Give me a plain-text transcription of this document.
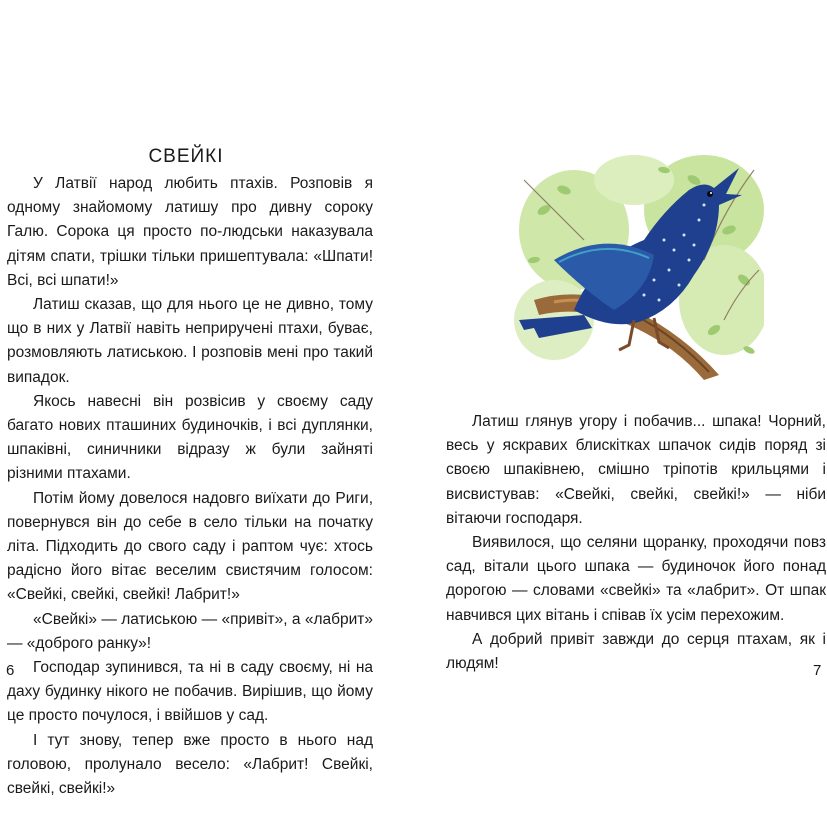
СВЕЙКІ

У Латвії народ любить птахів. Розповів я одному знайомому латишу про дивну сороку Галю. Сорока ця просто по-людськи наказувала дітям спати, трішки тільки пришептувала: «Шпати! Всі, всі шпати!»

Латиш сказав, що для нього це не дивно, тому що в них у Латвії навіть неприручені птахи, буває, розмовляють латиською. І розповів мені про такий випадок.

Якось навесні він розвісив у своєму саду багато нових пташиних будиночків, і всі дуплянки, шпаківні, синичники відразу ж були зайняті різними птахами.

Потім йому довелося надовго виїхати до Риги, повернувся він до себе в село тільки на початку літа. Підходить до свого саду і раптом чує: хтось радісно його вітає веселим свистячим голосом: «Свейкі, свейкі, свейкі! Лабрит!»

«Свейкі» — латиською — «привіт», а «лабрит» — «доброго ранку»!

Господар зупинився, та ні в саду своєму, ні на даху будинку нікого не побачив. Вирішив, що йому це просто почулося, і ввійшов у сад.

І тут знову, тепер вже просто в нього над головою, пролунало весело: «Лабрит! Свейкі, свейкі, свейкі!»

6

Латиш глянув угору і побачив... шпака! Чорний, весь у яскравих блискітках шпачок сидів поряд зі своєю шпаківнею, смішно тріпотів крильцями і висвистував: «Свейкі, свейкі, свейкі!» — ніби вітаючи господаря.

Виявилося, що селяни щоранку, проходячи повз сад, вітали цього шпака — будиночок його понад дорогою — словами «свейкі» та «лабрит». От шпак навчився цих вітань і співав їх усім перехожим.

А добрий привіт завжди до серця птахам, як і людям!	7
